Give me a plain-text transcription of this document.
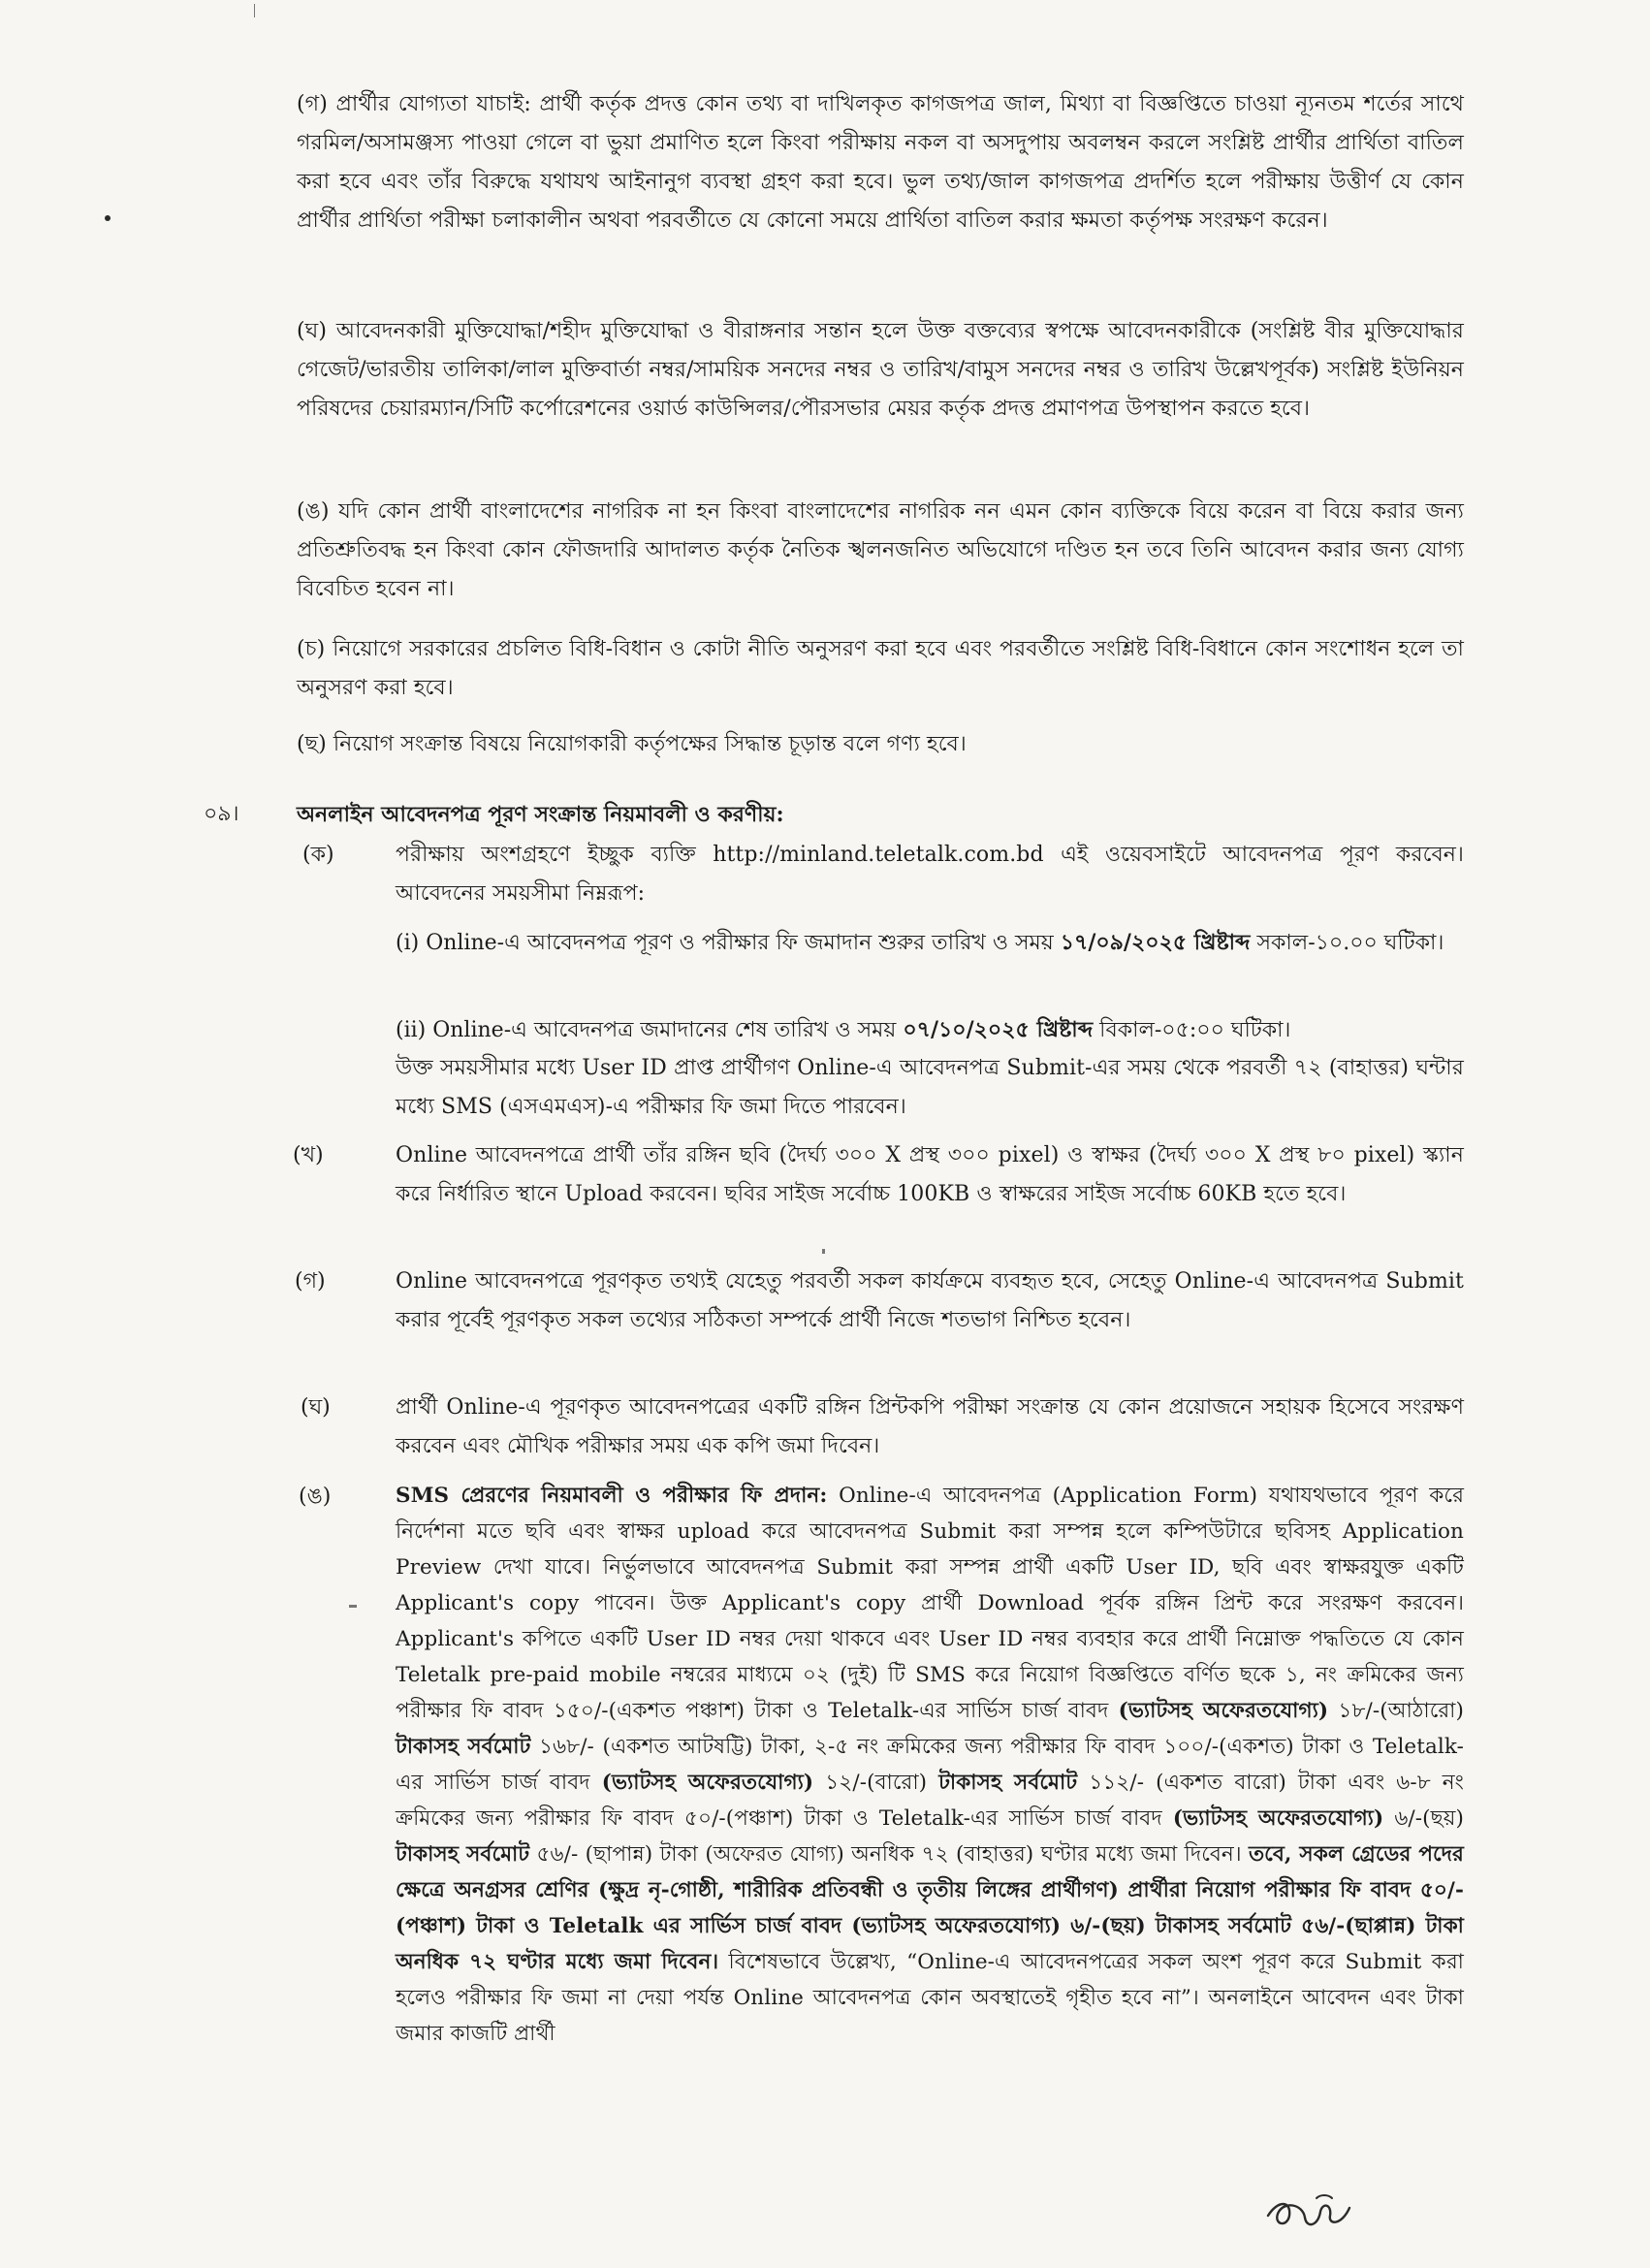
(গ) প্রার্থীর যোগ্যতা যাচাই: প্রার্থী কর্তৃক প্রদত্ত কোন তথ্য বা দাখিলকৃত কাগজপত্র জাল, মিথ্যা বা বিজ্ঞপ্তিতে চাওয়া ন্যূনতম শর্তের সাথে গরমিল/অসামঞ্জস্য পাওয়া গেলে বা ভুয়া প্রমাণিত হলে কিংবা পরীক্ষায় নকল বা অসদুপায় অবলম্বন করলে সংশ্লিষ্ট প্রার্থীর প্রার্থিতা বাতিল করা হবে এবং তাঁর বিরুদ্ধে যথাযথ আইনানুগ ব্যবস্থা গ্রহণ করা হবে। ভুল তথ্য/জাল কাগজপত্র প্রদর্শিত হলে পরীক্ষায় উত্তীর্ণ যে কোন প্রার্থীর প্রার্থিতা পরীক্ষা চলাকালীন অথবা পরবর্তীতে যে কোনো সময়ে প্রার্থিতা বাতিল করার ক্ষমতা কর্তৃপক্ষ সংরক্ষণ করেন।

(ঘ) আবেদনকারী মুক্তিযোদ্ধা/শহীদ মুক্তিযোদ্ধা ও বীরাঙ্গনার সন্তান হলে উক্ত বক্তব্যের স্বপক্ষে আবেদনকারীকে (সংশ্লিষ্ট বীর মুক্তিযোদ্ধার গেজেট/ভারতীয় তালিকা/লাল মুক্তিবার্তা নম্বর/সাময়িক সনদের নম্বর ও তারিখ/বামুস সনদের নম্বর ও তারিখ উল্লেখপূর্বক) সংশ্লিষ্ট ইউনিয়ন পরিষদের চেয়ারম্যান/সিটি কর্পোরেশনের ওয়ার্ড কাউন্সিলর/পৌরসভার মেয়র কর্তৃক প্রদত্ত প্রমাণপত্র উপস্থাপন করতে হবে।

(ঙ) যদি কোন প্রার্থী বাংলাদেশের নাগরিক না হন কিংবা বাংলাদেশের নাগরিক নন এমন কোন ব্যক্তিকে বিয়ে করেন বা বিয়ে করার জন্য প্রতিশ্রুতিবদ্ধ হন কিংবা কোন ফৌজদারি আদালত কর্তৃক নৈতিক স্খলনজনিত অভিযোগে দণ্ডিত হন তবে তিনি আবেদন করার জন্য যোগ্য বিবেচিত হবেন না।

(চ) নিয়োগে সরকারের প্রচলিত বিধি-বিধান ও কোটা নীতি অনুসরণ করা হবে এবং পরবর্তীতে সংশ্লিষ্ট বিধি-বিধানে কোন সংশোধন হলে তা অনুসরণ করা হবে।

(ছ) নিয়োগ সংক্রান্ত বিষয়ে নিয়োগকারী কর্তৃপক্ষের সিদ্ধান্ত চূড়ান্ত বলে গণ্য হবে।

০৯।	অনলাইন আবেদনপত্র পূরণ সংক্রান্ত নিয়মাবলী ও করণীয়:
(ক)	পরীক্ষায় অংশগ্রহণে ইচ্ছুক ব্যক্তি http://minland.teletalk.com.bd এই ওয়েবসাইটে আবেদনপত্র পূরণ করবেন। আবেদনের সময়সীমা নিম্নরূপ:

(i) Online-এ আবেদনপত্র পূরণ ও পরীক্ষার ফি জমাদান শুরুর তারিখ ও সময় ১৭/০৯/২০২৫ খ্রিষ্টাব্দ সকাল-১০.০০ ঘটিকা।

(ii) Online-এ আবেদনপত্র জমাদানের শেষ তারিখ ও সময় ০৭/১০/২০২৫ খ্রিষ্টাব্দ বিকাল-০৫:০০ ঘটিকা।

উক্ত সময়সীমার মধ্যে User ID প্রাপ্ত প্রার্থীগণ Online-এ আবেদনপত্র Submit-এর সময় থেকে পরবর্তী ৭২ (বাহাত্তর) ঘন্টার মধ্যে SMS (এসএমএস)-এ পরীক্ষার ফি জমা দিতে পারবেন।

(খ)	Online আবেদনপত্রে প্রার্থী তাঁর রঙ্গিন ছবি (দৈর্ঘ্য ৩০০ X প্রস্থ ৩০০ pixel) ও স্বাক্ষর (দৈর্ঘ্য ৩০০ X প্রস্থ ৮০ pixel) স্ক্যান করে নির্ধারিত স্থানে Upload করবেন। ছবির সাইজ সর্বোচ্চ 100KB ও স্বাক্ষরের সাইজ সর্বোচ্চ 60KB হতে হবে।

(গ)	Online আবেদনপত্রে পূরণকৃত তথ্যই যেহেতু পরবর্তী সকল কার্যক্রমে ব্যবহৃত হবে, সেহেতু Online-এ আবেদনপত্র Submit করার পূর্বেই পূরণকৃত সকল তথ্যের সঠিকতা সম্পর্কে প্রার্থী নিজে শতভাগ নিশ্চিত হবেন।

(ঘ)	প্রার্থী Online-এ পূরণকৃত আবেদনপত্রের একটি রঙ্গিন প্রিন্টকপি পরীক্ষা সংক্রান্ত যে কোন প্রয়োজনে সহায়ক হিসেবে সংরক্ষণ করবেন এবং মৌখিক পরীক্ষার সময় এক কপি জমা দিবেন।

(ঙ)	SMS প্রেরণের নিয়মাবলী ও পরীক্ষার ফি প্রদান: Online-এ আবেদনপত্র (Application Form) যথাযথভাবে পূরণ করে নির্দেশনা মতে ছবি এবং স্বাক্ষর upload করে আবেদনপত্র Submit করা সম্পন্ন হলে কম্পিউটারে ছবিসহ Application Preview দেখা যাবে। নির্ভুলভাবে আবেদনপত্র Submit করা সম্পন্ন প্রার্থী একটি User ID, ছবি এবং স্বাক্ষরযুক্ত একটি Applicant's copy পাবেন। উক্ত Applicant's copy প্রার্থী Download পূর্বক রঙ্গিন প্রিন্ট করে সংরক্ষণ করবেন। Applicant's কপিতে একটি User ID নম্বর দেয়া থাকবে এবং User ID নম্বর ব্যবহার করে প্রার্থী নিম্নোক্ত পদ্ধতিতে যে কোন Teletalk pre-paid mobile নম্বরের মাধ্যমে ০২ (দুই) টি SMS করে নিয়োগ বিজ্ঞপ্তিতে বর্ণিত ছকে ১, নং ক্রমিকের জন্য পরীক্ষার ফি বাবদ ১৫০/-(একশত পঞ্চাশ) টাকা ও Teletalk-এর সার্ভিস চার্জ বাবদ (ভ্যাটসহ অফেরতযোগ্য) ১৮/-(আঠারো) টাকাসহ সর্বমোট ১৬৮/- (একশত আটষট্টি) টাকা, ২-৫ নং ক্রমিকের জন্য পরীক্ষার ফি বাবদ ১০০/-(একশত) টাকা ও Teletalk-এর সার্ভিস চার্জ বাবদ (ভ্যাটসহ অফেরতযোগ্য) ১২/-(বারো) টাকাসহ সর্বমোট ১১২/- (একশত বারো) টাকা এবং ৬-৮ নং ক্রমিকের জন্য পরীক্ষার ফি বাবদ ৫০/-(পঞ্চাশ) টাকা ও Teletalk-এর সার্ভিস চার্জ বাবদ (ভ্যাটসহ অফেরতযোগ্য) ৬/-(ছয়) টাকাসহ সর্বমোট ৫৬/- (ছাপান্ন) টাকা (অফেরত যোগ্য) অনধিক ৭২ (বাহাত্তর) ঘণ্টার মধ্যে জমা দিবেন। তবে, সকল গ্রেডের পদের ক্ষেত্রে অনগ্রসর শ্রেণির (ক্ষুদ্র নৃ-গোষ্ঠী, শারীরিক প্রতিবন্ধী ও তৃতীয় লিঙ্গের প্রার্থীগণ) প্রার্থীরা নিয়োগ পরীক্ষার ফি বাবদ ৫০/-(পঞ্চাশ) টাকা ও Teletalk এর সার্ভিস চার্জ বাবদ (ভ্যাটসহ অফেরতযোগ্য) ৬/-(ছয়) টাকাসহ সর্বমোট ৫৬/-(ছাপ্পান্ন) টাকা অনধিক ৭২ ঘণ্টার মধ্যে জমা দিবেন। বিশেষভাবে উল্লেখ্য, “Online-এ আবেদনপত্রের সকল অংশ পূরণ করে Submit করা হলেও পরীক্ষার ফি জমা না দেয়া পর্যন্ত Online আবেদনপত্র কোন অবস্থাতেই গৃহীত হবে না”। অনলাইনে আবেদন এবং টাকা জমার কাজটি প্রার্থী
